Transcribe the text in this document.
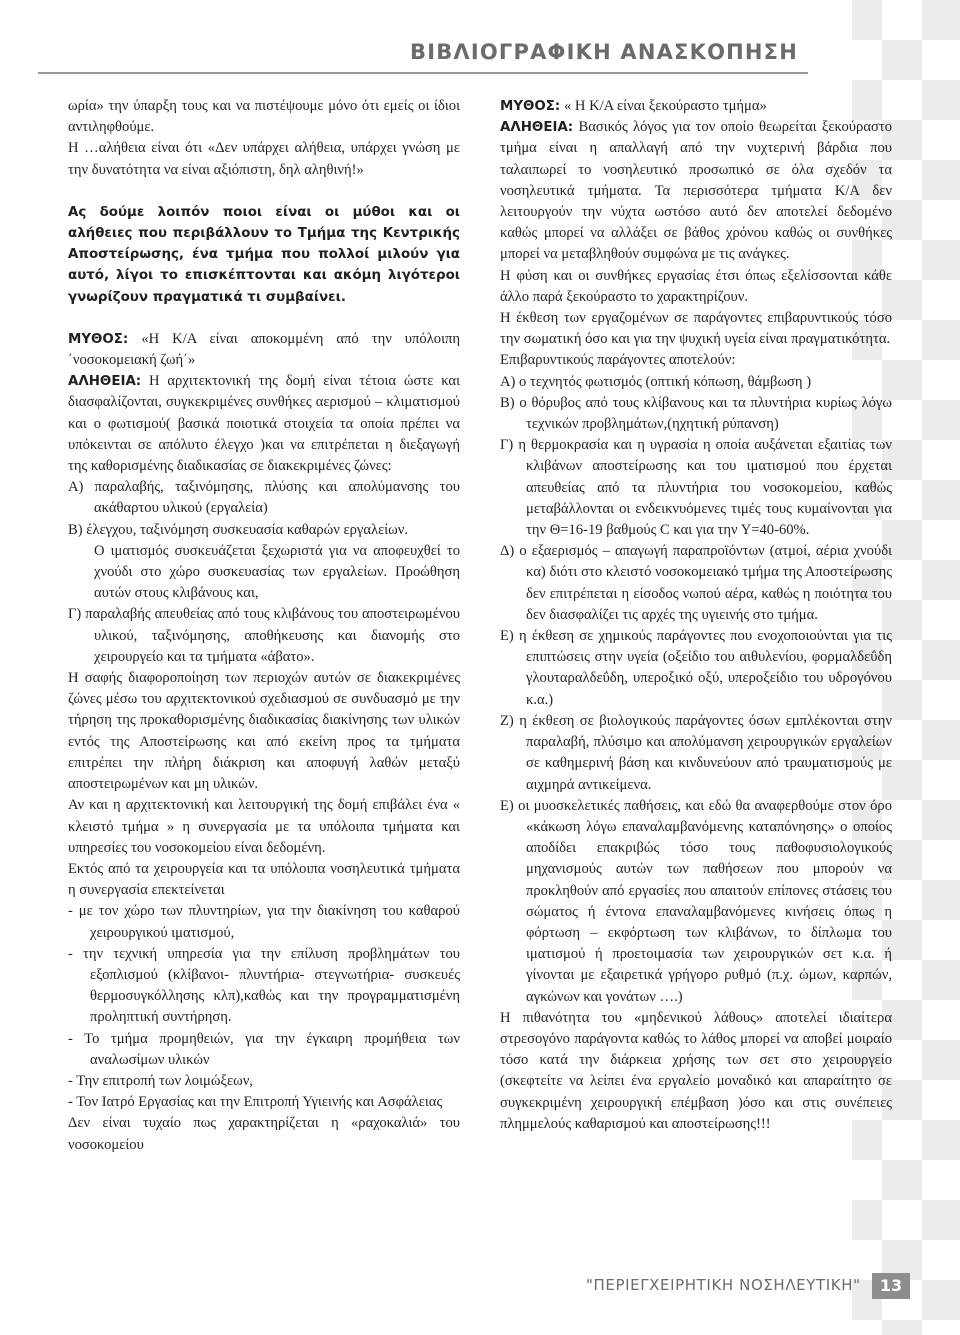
ΒΙΒΛΙΟΓΡΑΦΙΚΗ ΑΝΑΣΚΟΠΗΣΗ

ωρία» την ύπαρξη τους και να πιστέψουμε μόνο ότι εμείς οι ίδιοι αντιληφθούμε.

Η …αλήθεια είναι ότι «Δεν υπάρχει αλήθεια, υπάρχει γνώση με την δυνατότητα να είναι αξιόπιστη, δηλ αληθινή!»

Ας δούμε λοιπόν ποιοι είναι οι μύθοι και οι αλήθειες που περιβάλλουν το Τμήμα της Κεντρικής Αποστείρωσης, ένα τμήμα που πολλοί μιλούν για αυτό, λίγοι το επισκέπτονται και ακόμη λιγότεροι γνωρίζουν πραγματικά τι συμβαίνει.

ΜΥΘΟΣ: «Η Κ/Α είναι αποκομμένη από την υπόλοιπη ΄νοσοκομειακή ζωή΄»

ΑΛΗΘΕΙΑ: Η αρχιτεκτονική της δομή είναι τέτοια ώστε και διασφαλίζονται, συγκεκριμένες συνθήκες αερισμού – κλιματισμού και ο φωτισμού( βασικά ποιοτικά στοιχεία τα οποία πρέπει να υπόκεινται σε απόλυτο έλεγχο )και να επιτρέπεται η διεξαγωγή της καθορισμένης διαδικασίας σε διακεκριμένες ζώνες:

Α) παραλαβής, ταξινόμησης, πλύσης και απολύμανσης του ακάθαρτου υλικού (εργαλεία)

Β) έλεγχου, ταξινόμηση συσκευασία καθαρών εργαλείων.

Ο ιματισμός συσκευάζεται ξεχωριστά για να αποφευχθεί το χνούδι στο χώρο συσκευασίας των εργαλείων. Προώθηση αυτών στους κλιβάνους και,

Γ) παραλαβής απευθείας από τους κλιβάνους του αποστειρωμένου υλικού, ταξινόμησης, αποθήκευσης και διανομής στο χειρουργείο και τα τμήματα «άβατο».

Η σαφής διαφοροποίηση των περιοχών αυτών σε διακεκριμένες ζώνες μέσω του αρχιτεκτονικού σχεδιασμού σε συνδυασμό με την τήρηση της προκαθορισμένης διαδικασίας διακίνησης των υλικών εντός της Αποστείρωσης και από εκείνη προς τα τμήματα επιτρέπει την πλήρη διάκριση και αποφυγή λαθών μεταξύ αποστειρωμένων και μη υλικών.

Αν και η αρχιτεκτονική και λειτουργική της δομή επιβάλει ένα « κλειστό τμήμα » η συνεργασία με τα υπόλοιπα τμήματα και υπηρεσίες του νοσοκομείου είναι δεδομένη.

Εκτός από τα χειρουργεία και τα υπόλοιπα νοσηλευτικά τμήματα η συνεργασία επεκτείνεται

- με τον χώρο των πλυντηρίων, για την διακίνηση του καθαρού χειρουργικού ιματισμού,

- την τεχνική υπηρεσία για την επίλυση προβλημάτων του εξοπλισμού (κλίβανοι- πλυντήρια- στεγνωτήρια- συσκευές θερμοσυγκόλλησης κλπ),καθώς και την προγραμματισμένη προληπτική συντήρηση.

- Το τμήμα προμηθειών, για την έγκαιρη προμήθεια των αναλωσίμων υλικών

- Την επιτροπή των λοιμώξεων,

- Τον Ιατρό Εργασίας και την Επιτροπή Υγιεινής και Ασφάλειας

Δεν είναι τυχαίο πως χαρακτηρίζεται η «ραχοκαλιά» του νοσοκομείου

ΜΥΘΟΣ: « Η Κ/Α είναι ξεκούραστο τμήμα»

ΑΛΗΘΕΙΑ: Βασικός λόγος για τον οποίο θεωρείται ξεκούραστο τμήμα είναι η απαλλαγή από την νυχτερινή βάρδια που ταλαιπωρεί το νοσηλευτικό προσωπικό σε όλα σχεδόν τα νοσηλευτικά τμήματα. Τα περισσότερα τμήματα Κ/Α δεν λειτουργούν την νύχτα ωστόσο αυτό δεν αποτελεί δεδομένο καθώς μπορεί να αλλάξει σε βάθος χρόνου καθώς οι συνθήκες μπορεί να μεταβληθούν συμφώνα με τις ανάγκες.

Η φύση και οι συνθήκες εργασίας έτσι όπως εξελίσσονται κάθε άλλο παρά ξεκούραστο το χαρακτηρίζουν.

Η έκθεση των εργαζομένων σε παράγοντες επιβαρυντικούς τόσο την σωματική όσο και για την ψυχική υγεία είναι πραγματικότητα.

Επιβαρυντικούς παράγοντες αποτελούν:

Α) ο τεχνητός φωτισμός (οπτική κόπωση, θάμβωση )

Β) ο θόρυβος από τους κλίβανους και τα πλυντήρια κυρίως λόγω τεχνικών προβλημάτων,(ηχητική ρύπανση)

Γ) η θερμοκρασία και η υγρασία η οποία αυξάνεται εξαιτίας των κλιβάνων αποστείρωσης και του ιματισμού που έρχεται απευθείας από τα πλυντήρια του νοσοκομείου, καθώς μεταβάλλονται οι ενδεικνυόμενες τιμές τους κυμαίνονται για την Θ=16-19 βαθμούς C και για την Υ=40-60%.

Δ) ο εξαερισμός – απαγωγή παραπροϊόντων (ατμοί, αέρια χνούδι κα) διότι στο κλειστό νοσοκομειακό τμήμα της Αποστείρωσης δεν επιτρέπεται η είσοδος νωπού αέρα, καθώς η ποιότητα του δεν διασφαλίζει τις αρχές της υγιεινής στο τμήμα.

Ε) η έκθεση σε χημικούς παράγοντες που ενοχοποιούνται για τις επιπτώσεις στην υγεία (οξείδιο του αιθυλενίου, φορμαλδεΰδη γλουταραλδεΰδη, υπεροξικό οξύ, υπεροξείδιο του υδρογόνου κ.α.)

Ζ) η έκθεση σε βιολογικούς παράγοντες όσων εμπλέκονται στην παραλαβή, πλύσιμο και απολύμανση χειρουργικών εργαλείων σε καθημερινή βάση και κινδυνεύουν από τραυματισμούς με αιχμηρά αντικείμενα.

Ε) οι μυοσκελετικές παθήσεις, και εδώ θα αναφερθούμε στον όρο «κάκωση λόγω επαναλαμβανόμενης καταπόνησης» ο οποίος αποδίδει επακριβώς τόσο τους παθοφυσιολογικούς μηχανισμούς αυτών των παθήσεων που μπορούν να προκληθούν από εργασίες που απαιτούν επίπονες στάσεις του σώματος ή έντονα επαναλαμβανόμενες κινήσεις όπως η φόρτωση – εκφόρτωση των κλιβάνων, το δίπλωμα του ιματισμού ή προετοιμασία των χειρουργικών σετ κ.α. ή γίνονται με εξαιρετικά γρήγορο ρυθμό (π.χ. ώμων, καρπών, αγκώνων και γονάτων ….)

Η πιθανότητα του «μηδενικού λάθους» αποτελεί ιδιαίτερα στρεσογόνο παράγοντα καθώς το λάθος μπορεί να αποβεί μοιραίο τόσο κατά την διάρκεια χρήσης των σετ στο χειρουργείο (σκεφτείτε να λείπει ένα εργαλείο μοναδικό και απαραίτητο σε συγκεκριμένη χειρουργική επέμβαση )όσο και στις συνέπειες πλημμελούς καθαρισμού και αποστείρωσης!!!

"ΠΕΡΙΕΓΧΕΙΡΗΤΙΚΗ ΝΟΣΗΛΕΥΤΙΚΗ"	13
